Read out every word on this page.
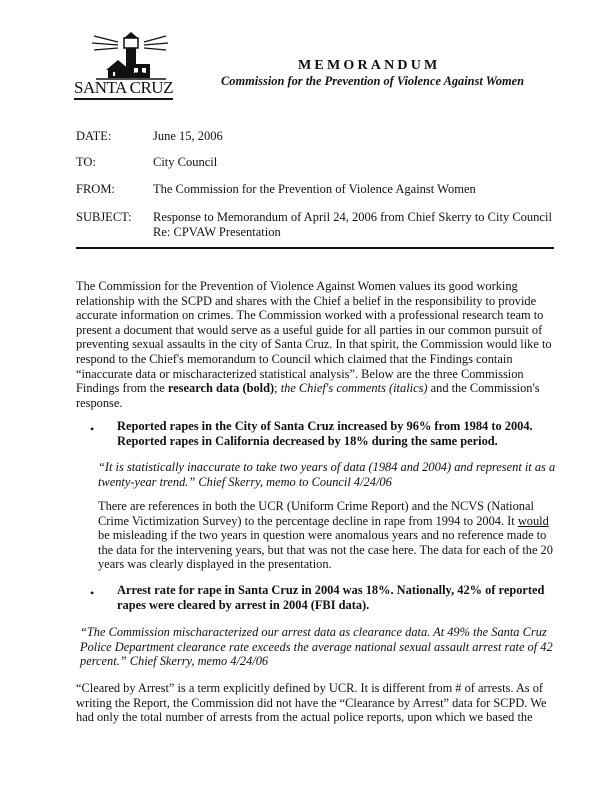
CITY OF
SANTA CRUZ
MEMORANDUM
Commission for the Prevention of Violence Against Women
DATE:	June 15, 2006
TO:	City Council
FROM:	The Commission for the Prevention of Violence Against Women
SUBJECT: Response to Memorandum of April 24, 2006 from Chief Skerry to City Council
Re: CPVAW Presentation
The Commission for the Prevention of Violence Against Women values its good working
relationship with the SCPD and shares with the Chief a belief in the responsibility to provide
accurate information on crimes. The Commission worked with a professional research team to
present a document that would serve as a useful guide for all parties in our common pursuit of
preventing sexual assaults in the city of Santa Cruz. In that spirit, the Commission would like to
respond to the Chief's memorandum to Council which claimed that the Findings contain
“inaccurate data or mischaracterized statistical analysis”. Below are the three Commission
Findings from the research data (bold); the Chief's comments (italics) and the Commission's
response.
• Reported rapes in the City of Santa Cruz increased by 96% from 1984 to 2004.
Reported rapes in California decreased by 18% during the same period.
“It is statistically inaccurate to take two years of data (1984 and 2004) and represent it as a
twenty-year trend.” Chief Skerry, memo to Council 4/24/06
There are references in both the UCR (Uniform Crime Report) and the NCVS (National
Crime Victimization Survey) to the percentage decline in rape from 1994 to 2004. It would
be misleading if the two years in question were anomalous years and no reference made to
the data for the intervening years, but that was not the case here. The data for each of the 20
years was clearly displayed in the presentation.
• Arrest rate for rape in Santa Cruz in 2004 was 18%. Nationally, 42% of reported
rapes were cleared by arrest in 2004 (FBI data).
“The Commission mischaracterized our arrest data as clearance data. At 49% the Santa Cruz
Police Department clearance rate exceeds the average national sexual assault arrest rate of 42
percent.” Chief Skerry, memo 4/24/06
“Cleared by Arrest” is a term explicitly defined by UCR. It is different from # of arrests. As of
writing the Report, the Commission did not have the “Clearance by Arrest” data for SCPD. We
had only the total number of arrests from the actual police reports, upon which we based the
